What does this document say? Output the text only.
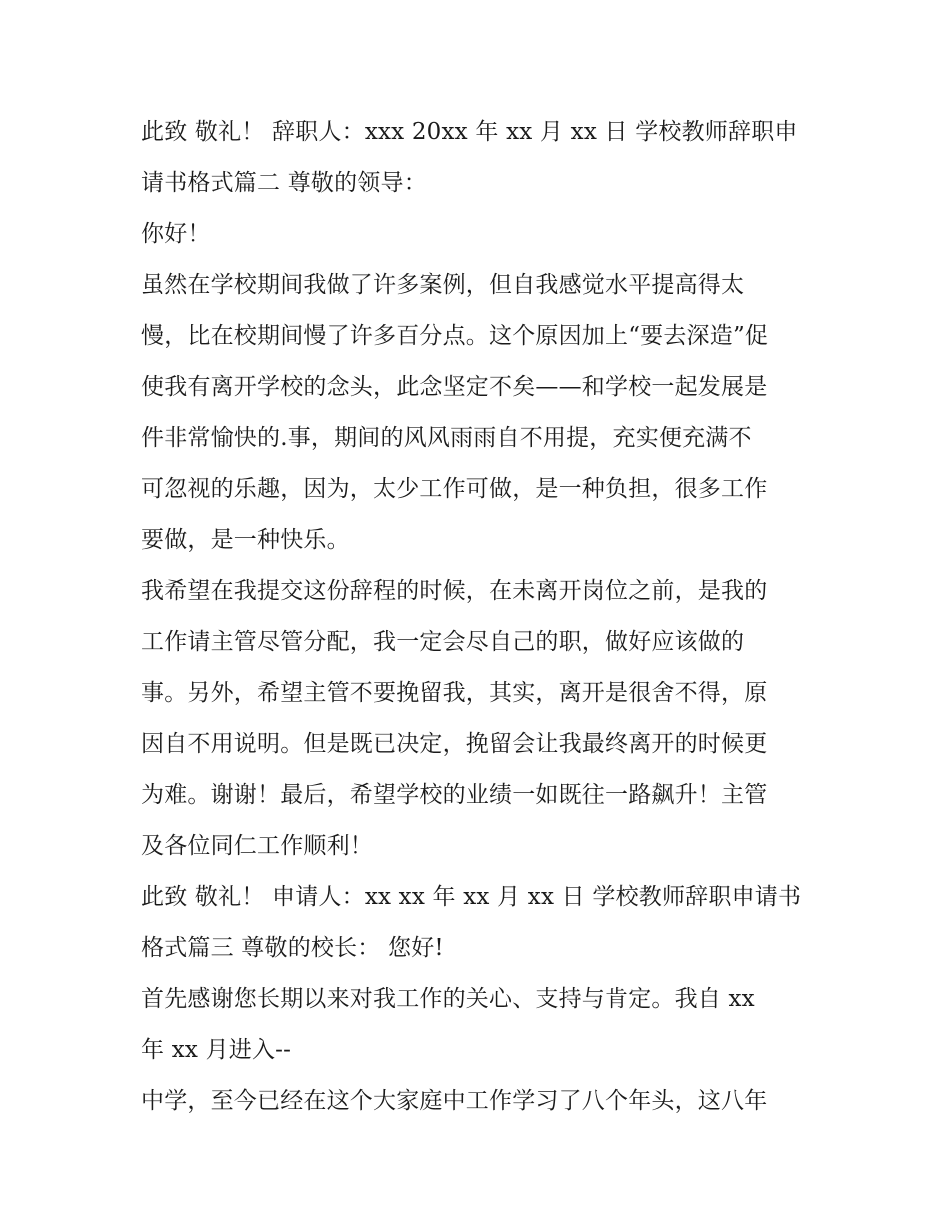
此致 敬礼！ 辞职人：xxx 20xx 年 xx 月 xx 日 学校教师辞职申

请书格式篇二 尊敬的领导：

你好！

虽然在学校期间我做了许多案例，但自我感觉水平提高得太

慢，比在校期间慢了许多百分点。这个原因加上“要去深造”促

使我有离开学校的念头，此念坚定不矣——和学校一起发展是

件非常愉快的.事，期间的风风雨雨自不用提，充实便充满不

可忽视的乐趣，因为，太少工作可做，是一种负担，很多工作

要做，是一种快乐。

我希望在我提交这份辞程的时候，在未离开岗位之前，是我的

工作请主管尽管分配，我一定会尽自己的职，做好应该做的

事。另外，希望主管不要挽留我，其实，离开是很舍不得，原

因自不用说明。但是既已决定，挽留会让我最终离开的时候更

为难。谢谢！最后，希望学校的业绩一如既往一路飙升！主管

及各位同仁工作顺利！

此致 敬礼！ 申请人：xx xx 年 xx 月 xx 日 学校教师辞职申请书

格式篇三 尊敬的校长： 您好!

首先感谢您长期以来对我工作的关心、支持与肯定。我自 xx

年 xx 月进入--

中学，至今已经在这个大家庭中工作学习了八个年头，这八年
